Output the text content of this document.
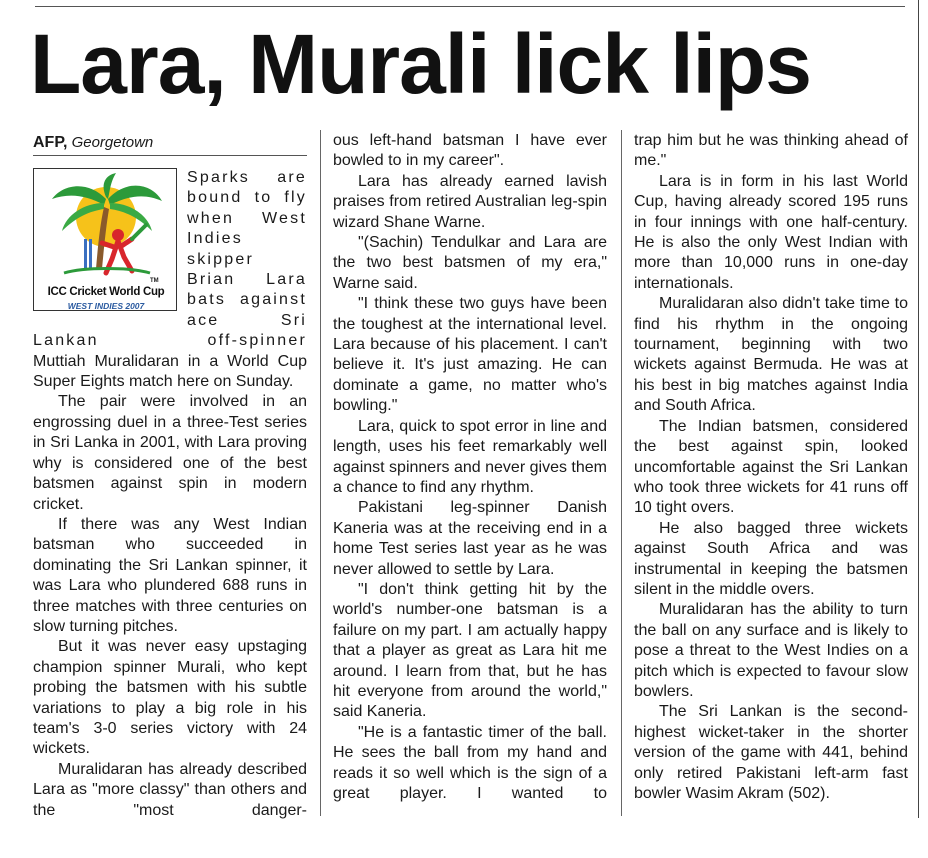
Lara, Murali lick lips
AFP, Georgetown
TM
ICC Cricket World Cup
WEST INDIES 2007

Sparks are bound to fly when West Indies skipper Brian Lara bats against ace Sri Lankan off-spinner

Muttiah Muralidaran in a World Cup Super Eights match here on Sunday.

The pair were involved in an engrossing duel in a three-Test series in Sri Lanka in 2001, with Lara proving why is considered one of the best batsmen against spin in modern cricket.

If there was any West Indian batsman who succeeded in dominating the Sri Lankan spinner, it was Lara who plundered 688 runs in three matches with three centuries on slow turning pitches.

But it was never easy upstaging champion spinner Murali, who kept probing the batsmen with his subtle variations to play a big role in his team's 3-0 series victory with 24 wickets.

Muralidaran has already described Lara as "more classy" than others and the "most danger-

ous left-hand batsman I have ever bowled to in my career".

Lara has already earned lavish praises from retired Australian leg-spin wizard Shane Warne.

"(Sachin) Tendulkar and Lara are the two best batsmen of my era," Warne said.

"I think these two guys have been the toughest at the international level. Lara because of his placement. I can't believe it. It's just amazing. He can dominate a game, no matter who's bowling."

Lara, quick to spot error in line and length, uses his feet remarkably well against spinners and never gives them a chance to find any rhythm.

Pakistani leg-spinner Danish Kaneria was at the receiving end in a home Test series last year as he was never allowed to settle by Lara.

"I don't think getting hit by the world's number-one batsman is a failure on my part. I am actually happy that a player as great as Lara hit me around. I learn from that, but he has hit everyone from around the world," said Kaneria.

"He is a fantastic timer of the ball. He sees the ball from my hand and reads it so well which is the sign of a great player. I wanted to

trap him but he was thinking ahead of me."

Lara is in form in his last World Cup, having already scored 195 runs in four innings with one half-century. He is also the only West Indian with more than 10,000 runs in one-day internationals.

Muralidaran also didn't take time to find his rhythm in the ongoing tournament, beginning with two wickets against Bermuda. He was at his best in big matches against India and South Africa.

The Indian batsmen, considered the best against spin, looked uncomfortable against the Sri Lankan who took three wickets for 41 runs off 10 tight overs.

He also bagged three wickets against South Africa and was instrumental in keeping the batsmen silent in the middle overs.

Muralidaran has the ability to turn the ball on any surface and is likely to pose a threat to the West Indies on a pitch which is expected to favour slow bowlers.

The Sri Lankan is the second-highest wicket-taker in the shorter version of the game with 441, behind only retired Pakistani left-arm fast bowler Wasim Akram (502).
